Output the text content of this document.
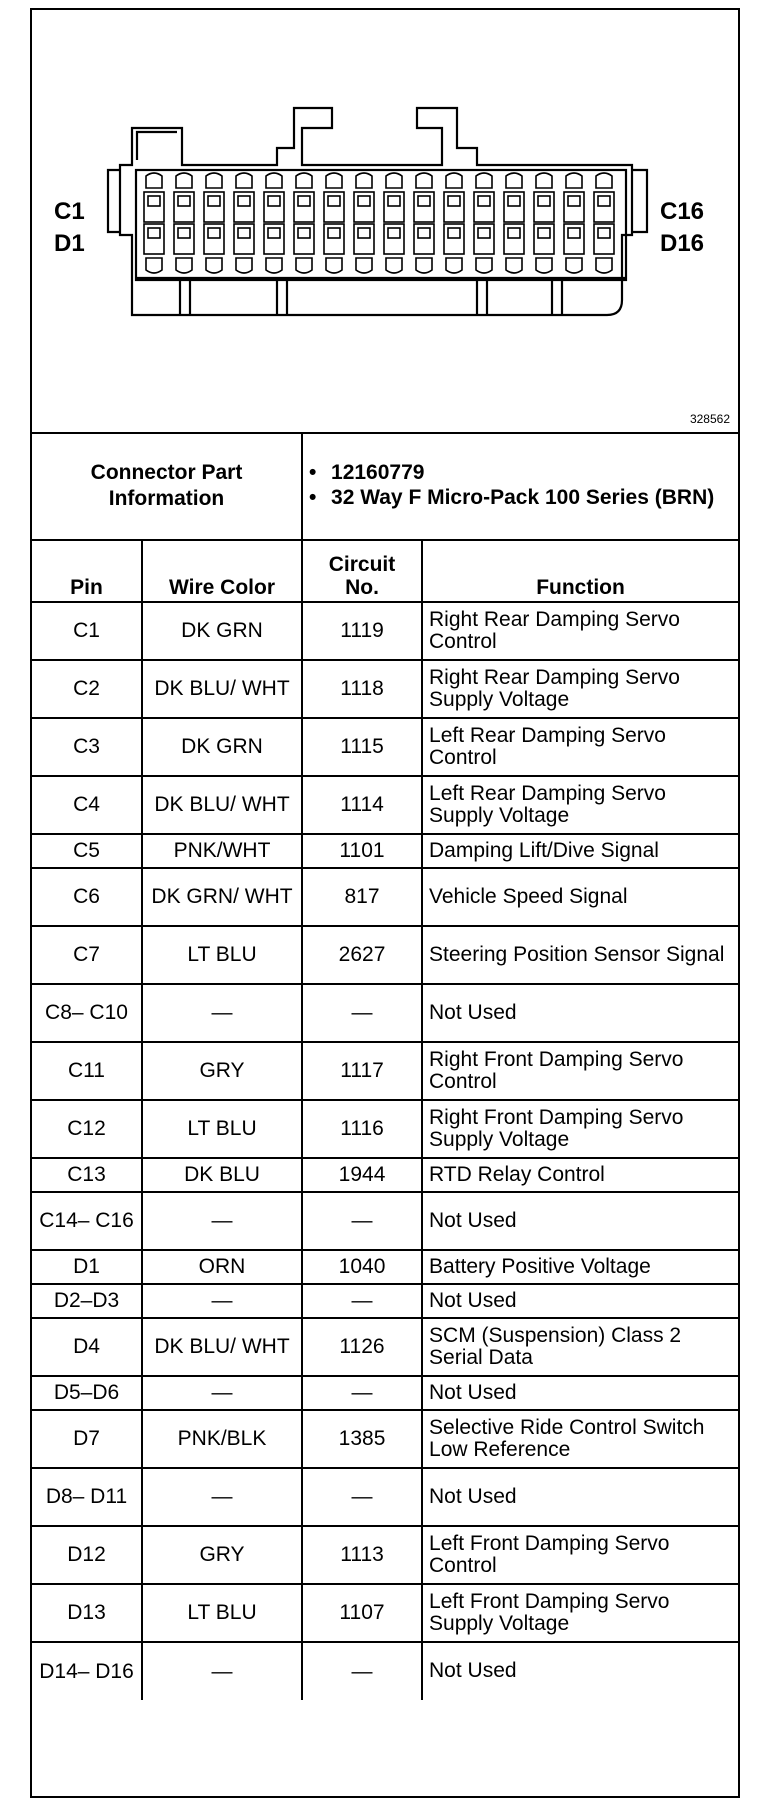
C1
D1
C16
D16
328562
Connector Part Information		• 12160779
• 32 Way F Micro-Pack 100 Series (BRN)	

Pin	Wire Color	Circuit No.	Function
C1	DK GRN	1119	Right Rear Damping Servo Control
C2	DK BLU/ WHT	1118	Right Rear Damping Servo Supply Voltage
C3	DK GRN	1115	Left Rear Damping Servo Control
C4	DK BLU/ WHT	1114	Left Rear Damping Servo Supply Voltage
C5	PNK/WHT	1101	Damping Lift/Dive Signal
C6	DK GRN/ WHT	817	Vehicle Speed Signal
C7	LT BLU	2627	Steering Position Sensor Signal
C8– C10	—	—	Not Used
C11	GRY	1117	Right Front Damping Servo Control
C12	LT BLU	1116	Right Front Damping Servo Supply Voltage
C13	DK BLU	1944	RTD Relay Control
C14– C16	—	—	Not Used
D1	ORN	1040	Battery Positive Voltage
D2–D3	—	—	Not Used
D4	DK BLU/ WHT	1126	SCM (Suspension) Class 2 Serial Data
D5–D6	—	—	Not Used
D7	PNK/BLK	1385	Selective Ride Control Switch Low Reference
D8– D11	—	—	Not Used
D12	GRY	1113	Left Front Damping Servo Control
D13	LT BLU	1107	Left Front Damping Servo Supply Voltage
D14– D16	—	—	Not Used
